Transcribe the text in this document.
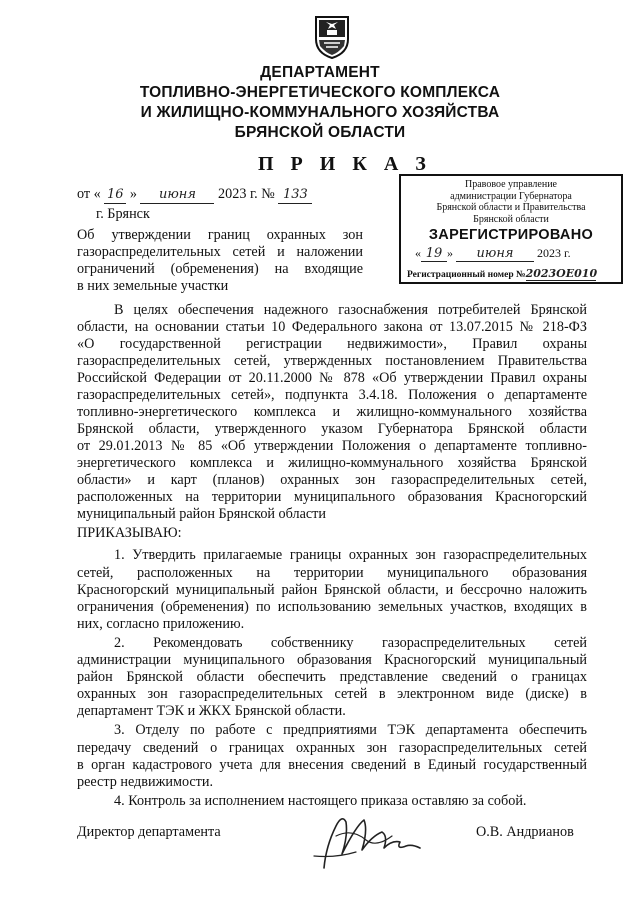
ДЕПАРТАМЕНТ
ТОПЛИВНО-ЭНЕРГЕТИЧЕСКОГО КОМПЛЕКСА
И ЖИЛИЩНО-КОММУНАЛЬНОГО ХОЗЯЙСТВА
БРЯНСКОЙ ОБЛАСТИ
П Р И К А З
от « 16 » июня 2023 г. № 133
г. Брянск
Об утверждении границ охранных зон
газораспределительных сетей и наложении
ограничений (обременения) на входящие
в них земельные участки
Правовое управление
администрации Губернатора
Брянской области и Правительства
Брянской области
ЗАРЕГИСТРИРОВАНО
« 19 » июня 2023 г.
Регистрационный номер №2023ОЕ010
В целях обеспечения надежного газоснабжения потребителей Брянской
области, на основании статьи 10 Федерального закона от 13.07.2015 № 218-ФЗ
«О государственной регистрации недвижимости», Правил охраны
газораспределительных сетей, утвержденных постановлением Правительства
Российской Федерации от 20.11.2000 № 878 «Об утверждении Правил охраны
газораспределительных сетей», подпункта 3.4.18. Положения о департаменте
топливно-энергетического комплекса и жилищно-коммунального хозяйства
Брянской области, утвержденного указом Губернатора Брянской области
от 29.01.2013 № 85 «Об утверждении Положения о департаменте топливно-
энергетического комплекса и жилищно-коммунального хозяйства Брянской
области» и карт (планов) охранных зон газораспределительных сетей,
расположенных на территории муниципального образования Красногорский
муниципальный район Брянской области
ПРИКАЗЫВАЮ:
1. Утвердить прилагаемые границы охранных зон газораспределительных
сетей, расположенных на территории муниципального образования
Красногорский муниципальный район Брянской области, и бессрочно наложить
ограничения (обременения) по использованию земельных участков, входящих в
них, согласно приложению.
2. Рекомендовать собственнику газораспределительных сетей
администрации муниципального образования Красногорский муниципальный
район Брянской области обеспечить представление сведений о границах
охранных зон газораспределительных сетей в электронном виде (диске) в
департамент ТЭК и ЖКХ Брянской области.
3. Отделу по работе с предприятиями ТЭК департамента обеспечить
передачу сведений о границах охранных зон газораспределительных сетей
в орган кадастрового учета для внесения сведений в Единый государственный
реестр недвижимости.
4. Контроль за исполнением настоящего приказа оставляю за собой.
Директор департамента	О.В. Андрианов
